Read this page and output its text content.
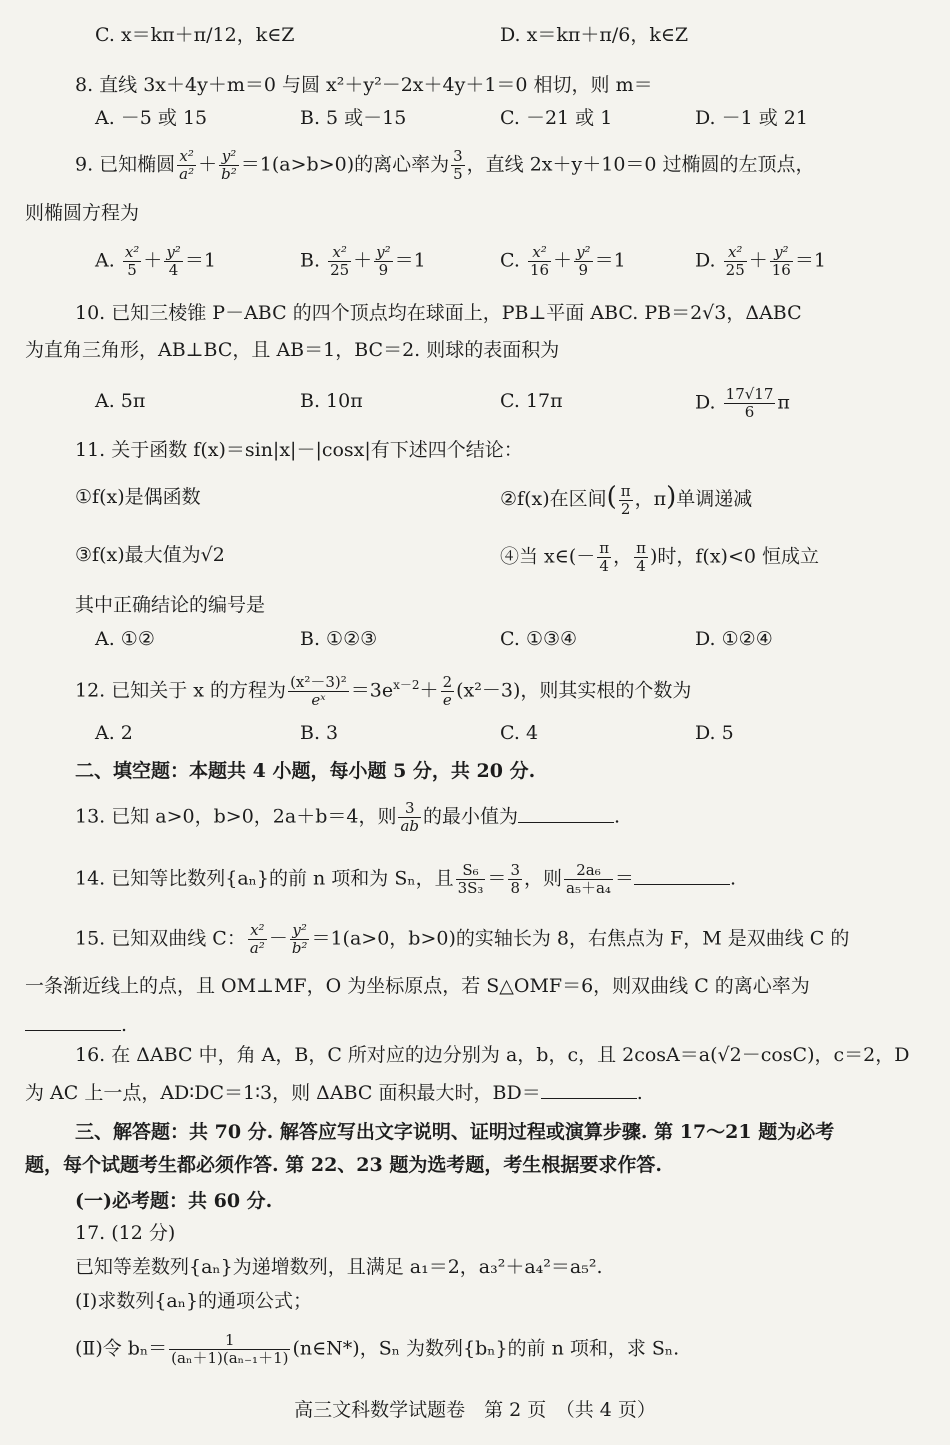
C. x＝kπ＋π/12，k∈Z	D. x＝kπ＋π/6，k∈Z
8. 直线 3x＋4y＋m＝0 与圆 x²＋y²－2x＋4y＋1＝0 相切，则 m＝
A. －5 或 15	B. 5 或－15	C. －21 或 1	D. －1 或 21
9. 已知椭圆 $\frac{\text{x²}}{\text{a²}} + \frac{\text{y²}}{\text{b²}} =1(a>b>0)$的离心率为 $\frac{3}{5}$ ，直线 2x＋y＋10＝0 过椭圆的左顶点，
则椭圆方程为
A. $\frac{\text{x²}}{5} + \frac{\text{y²}}{4} =1$	B. $\frac{\text{x²}}{25} + \frac{\text{y²}}{9} =1$	C. $\frac{\text{x²}}{16} + \frac{\text{y²}}{9} =1$	D. $\frac{\text{x²}}{25} + \frac{\text{y²}}{16} =1$
10. 已知三棱锥 P－ABC 的四个顶点均在球面上，PB⊥平面 ABC. PB＝2√3，ΔABC
为直角三角形，AB⊥BC，且 AB＝1，BC＝2. 则球的表面积为
A. 5π	B. 10π	C. 17π	D. $\frac{17√17}{6}$ π
11. 关于函数 f(x)＝sin|x|－|cosx|有下述四个结论：
①f(x)是偶函数	②f(x)在区间( $\frac{\pi}{2}$ ，π)单调递减
③f(x)最大值为√2	④当 x∈(－ $\frac{\pi}{4}$ ， $\frac{\pi}{4}$ )时，f(x)<0 恒成立
其中正确结论的编号是
A. ①②	B. ①②③	C. ①③④	D. ①②④
12. 已知关于 x 的方程为 $\frac{\text{(x²－3)²}}{\text{eˣ}} =3e^{x-2}+ \frac{2}{e} (x^2-3)$，则其实根的个数为
A. 2	B. 3	C. 4	D. 5
二、填空题：本题共 4 小题，每小题 5 分，共 20 分.
13. 已知 a>0，b>0，2a＋b＝4，则 $\frac{3}{ab}$ 的最小值为	.
14. 已知等比数列{aₙ}的前 n 项和为 Sₙ，且 $\frac{\text{S₆}}{\text{3S₃}} = \frac{3}{8}$ ，则 $\frac{\text{2a₆}}{\text{a₅＋a₄}}$ ＝	.
15. 已知双曲线 C： $\frac{\text{x²}}{\text{a²}} - \frac{\text{y²}}{\text{b²}} =1(a>0$，b>0)的实轴长为 8，右焦点为 F，M 是双曲线 C 的
一条渐近线上的点，且 OM⊥MF，O 为坐标原点，若 S△OMF＝6，则双曲线 C 的离心率为
.
16. 在 ΔABC 中，角 A，B，C 所对应的边分别为 a，b，c，且 2cosA＝a(√2－cosC)，c＝2，D
为 AC 上一点，AD∶DC＝1∶3，则 ΔABC 面积最大时，BD＝	.
三、解答题：共 70 分. 解答应写出文字说明、证明过程或演算步骤. 第 17～21 题为必考
题，每个试题考生都必须作答. 第 22、23 题为选考题，考生根据要求作答.
(一)必考题：共 60 分.
17. (12 分)
已知等差数列{aₙ}为递增数列，且满足 a₁＝2，a₃²＋a₄²＝a₅².
(Ⅰ)求数列{aₙ}的通项公式；
(Ⅱ)令 $b_n= \frac{1}{\text{(aₙ＋1)(aₙ₋₁＋1)}}$ (n∈N*)，Sₙ 为数列{bₙ}的前 n 项和，求 Sₙ.
高三文科数学试题卷　第 2 页　（共 4 页）
